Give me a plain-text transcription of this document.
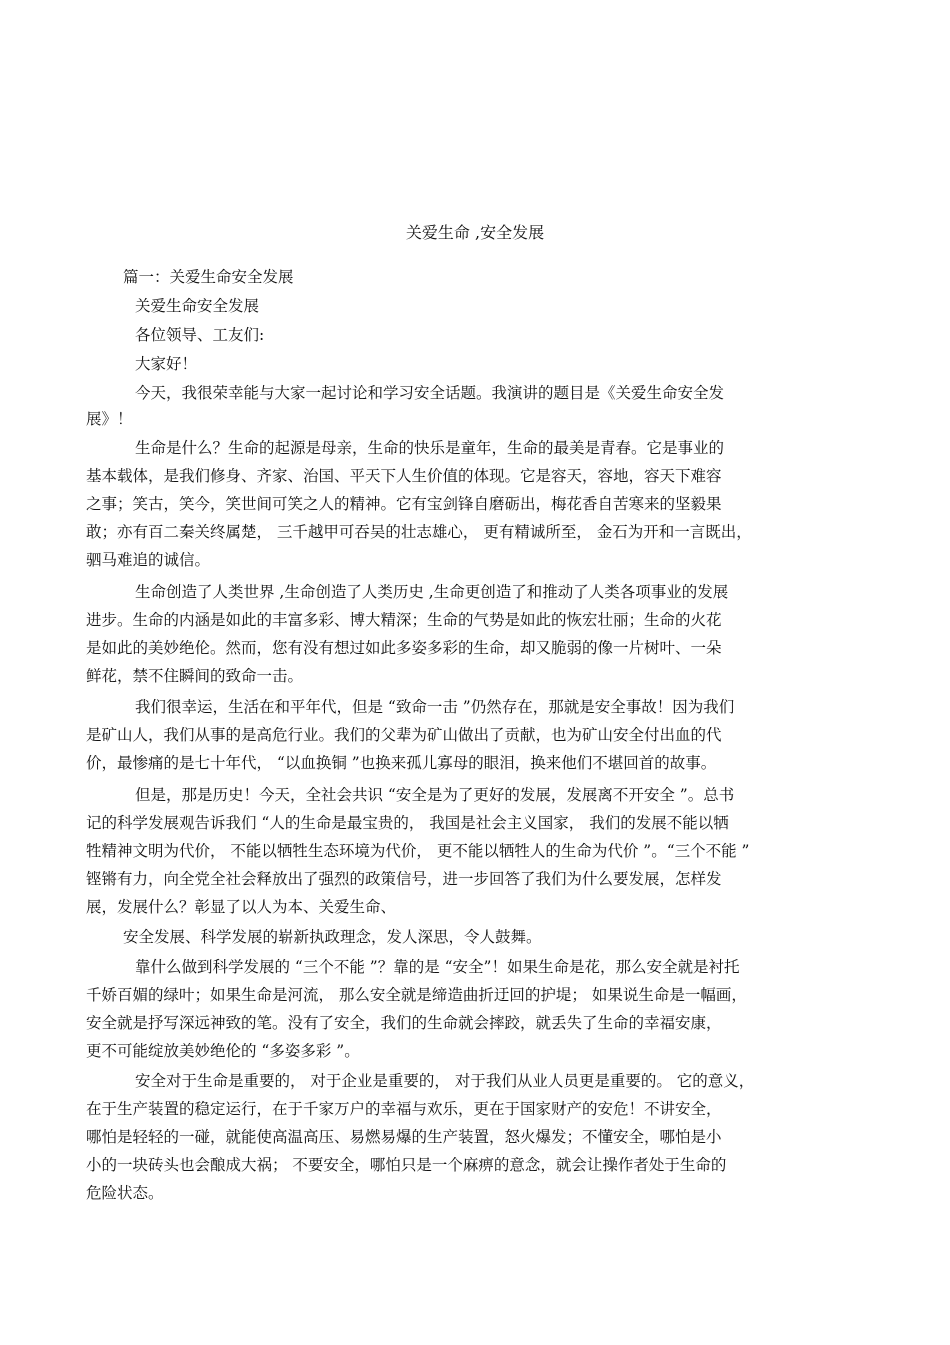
关爱生命 ,安全发展
篇一：关爱生命安全发展
关爱生命安全发展
各位领导、工友们:
大家好！
今天，我很荣幸能与大家一起讨论和学习安全话题。我演讲的题目是《关爱生命安全发
展》！
生命是什么？生命的起源是母亲，生命的快乐是童年，生命的最美是青春。它是事业的
基本载体，是我们修身、齐家、治国、平天下人生价值的体现。它是容天，容地，容天下难容
之事；笑古，笑今，笑世间可笑之人的精神。它有宝剑锋自磨砺出，梅花香自苦寒来的坚毅果
敢；亦有百二秦关终属楚， 三千越甲可吞吴的壮志雄心， 更有精诚所至， 金石为开和一言既出，
驷马难追的诚信。
生命创造了人类世界 ,生命创造了人类历史 ,生命更创造了和推动了人类各项事业的发展
进步。生命的内涵是如此的丰富多彩、博大精深；生命的气势是如此的恢宏壮丽；生命的火花
是如此的美妙绝伦。然而，您有没有想过如此多姿多彩的生命，却又脆弱的像一片树叶、一朵
鲜花，禁不住瞬间的致命一击。
我们很幸运，生活在和平年代，但是 “致命一击 ”仍然存在，那就是安全事故！因为我们
是矿山人，我们从事的是高危行业。我们的父辈为矿山做出了贡献，也为矿山安全付出血的代
价，最惨痛的是七十年代， “以血换铜 ”也换来孤儿寡母的眼泪，换来他们不堪回首的故事。
但是，那是历史！今天，全社会共识 “安全是为了更好的发展，发展离不开安全 ”。总书
记的科学发展观告诉我们 “人的生命是最宝贵的， 我国是社会主义国家， 我们的发展不能以牺
牲精神文明为代价， 不能以牺牲生态环境为代价， 更不能以牺牲人的生命为代价 ”。“三个不能 ”
铿锵有力，向全党全社会释放出了强烈的政策信号，进一步回答了我们为什么要发展，怎样发
展，发展什么？彰显了以人为本、关爱生命、
安全发展、科学发展的崭新执政理念，发人深思，令人鼓舞。
靠什么做到科学发展的 “三个不能 ”？靠的是 “安全”！如果生命是花，那么安全就是衬托
千娇百媚的绿叶；如果生命是河流， 那么安全就是缔造曲折迂回的护堤； 如果说生命是一幅画，
安全就是抒写深远神致的笔。没有了安全，我们的生命就会摔跤，就丢失了生命的幸福安康，
更不可能绽放美妙绝伦的 “多姿多彩 ”。
安全对于生命是重要的， 对于企业是重要的， 对于我们从业人员更是重要的。 它的意义，
在于生产装置的稳定运行，在于千家万户的幸福与欢乐，更在于国家财产的安危！不讲安全，
哪怕是轻轻的一碰，就能使高温高压、易燃易爆的生产装置，怒火爆发；不懂安全，哪怕是小
小的一块砖头也会酿成大祸； 不要安全，哪怕只是一个麻痹的意念，就会让操作者处于生命的
危险状态。
